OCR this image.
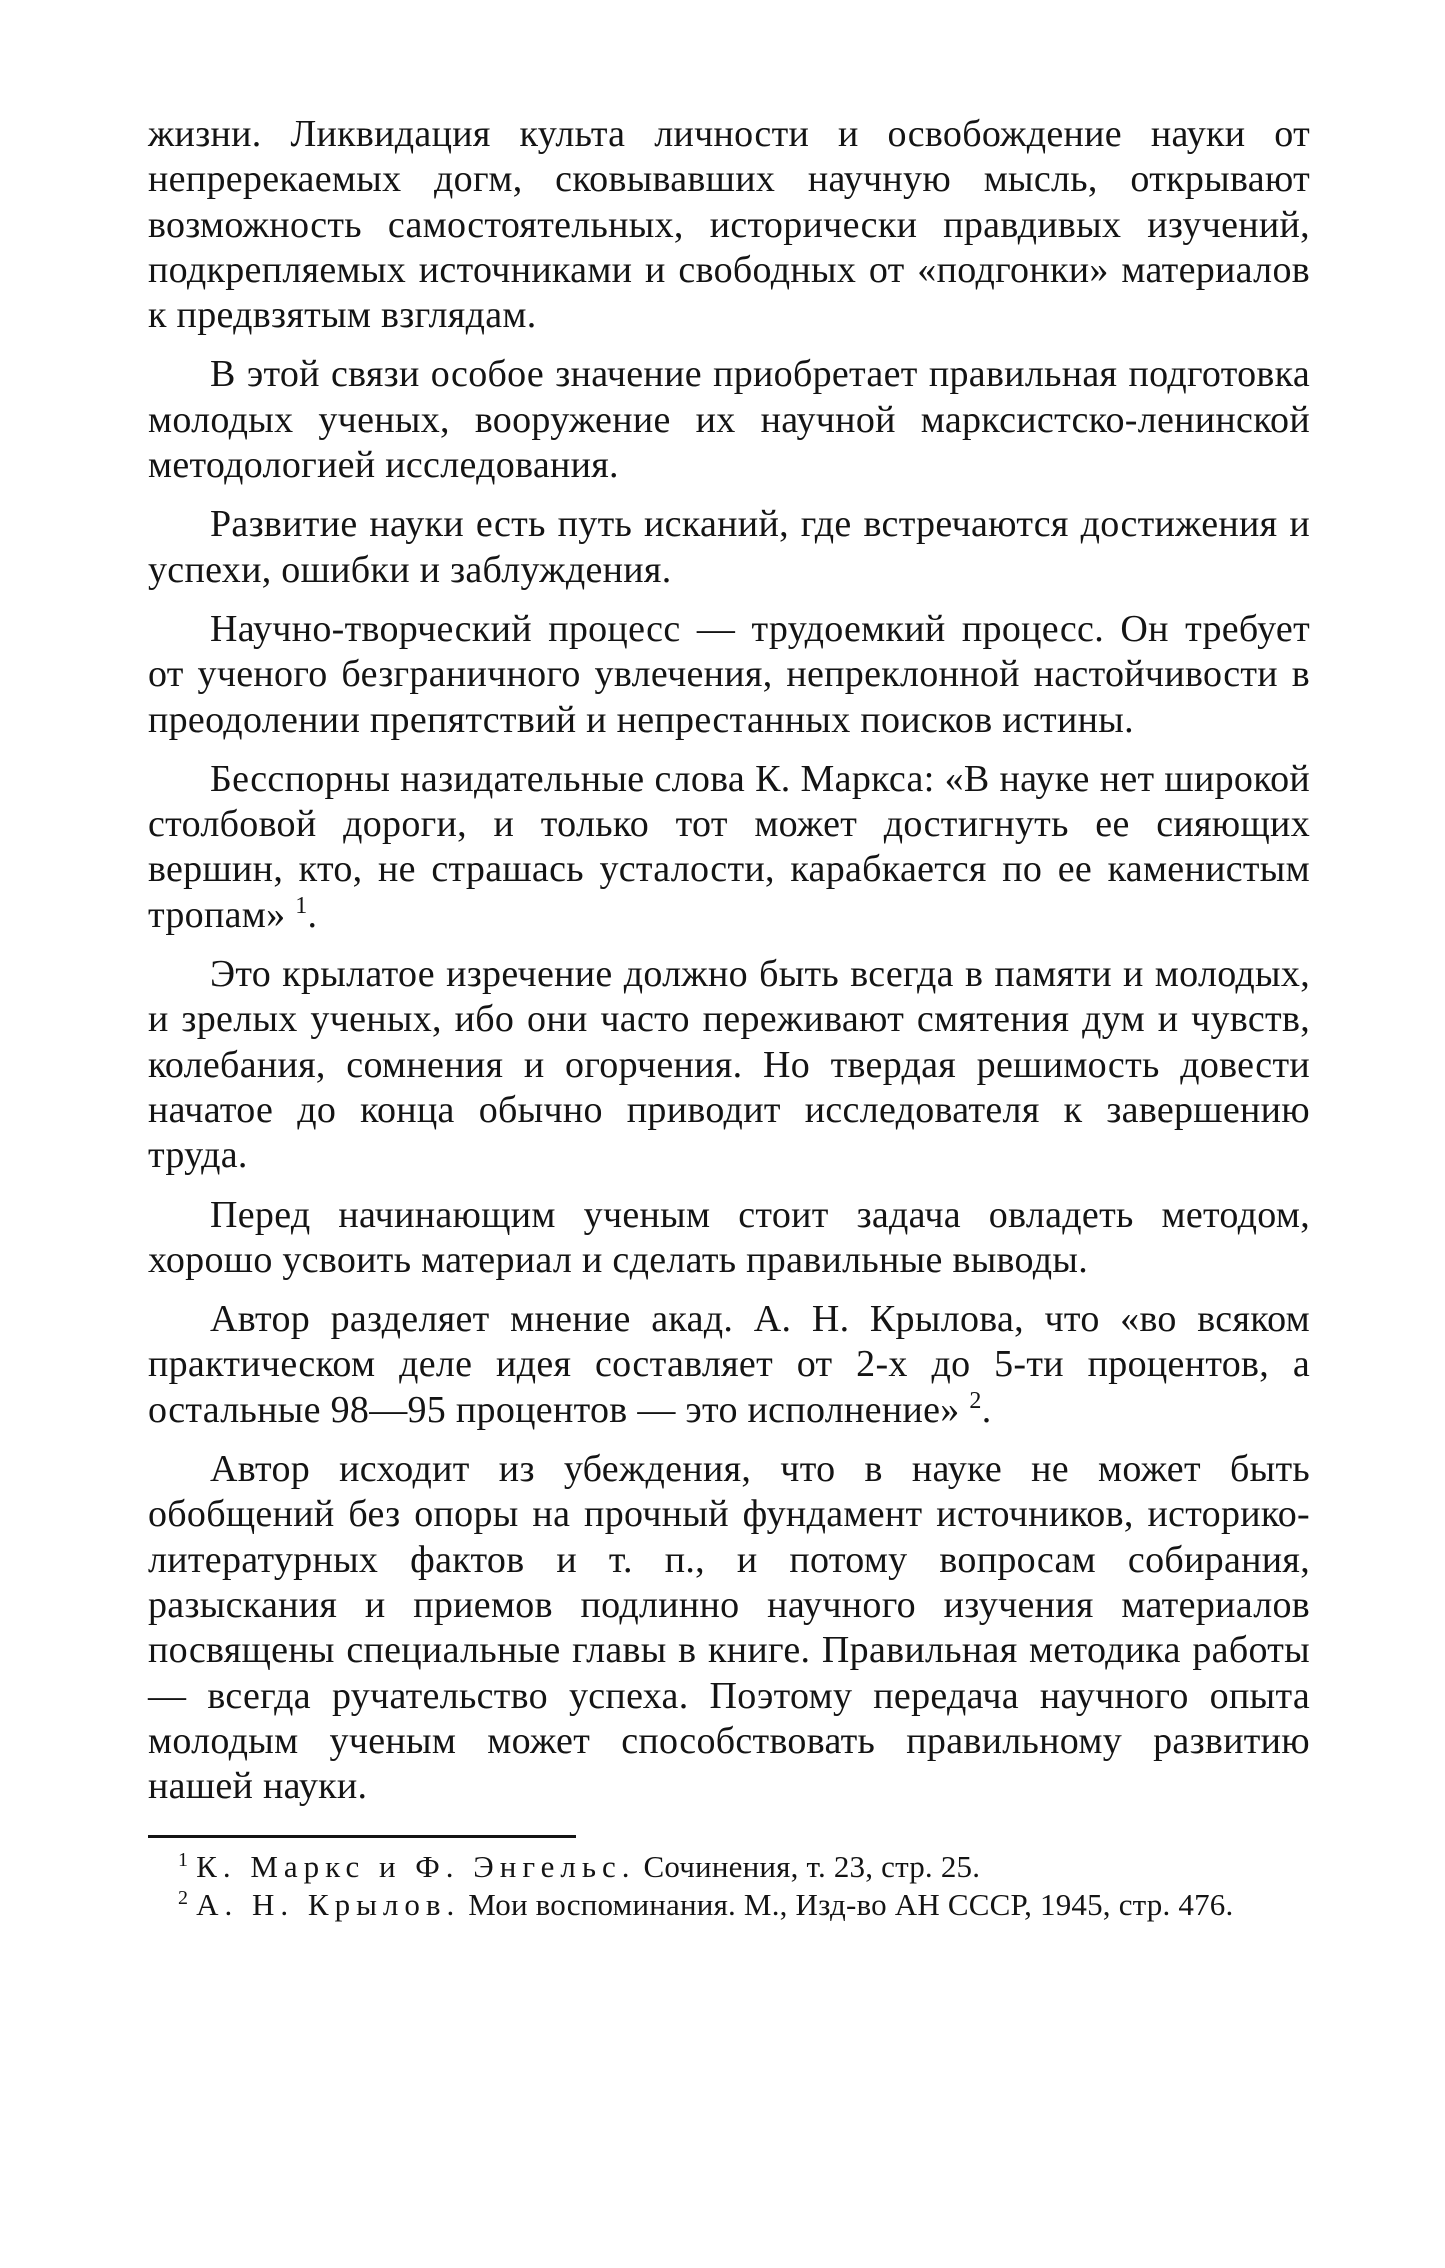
жизни. Ликвидация культа личности и освобождение науки от непререкаемых догм, сковывавших научную мысль, открывают возможность самостоятельных, исторически правдивых изучений, подкрепляемых источниками и свободных от «подгонки» материалов к предвзятым взглядам.

В этой связи особое значение приобретает правильная подготовка молодых ученых, вооружение их научной марксистско-ленинской методологией исследования.

Развитие науки есть путь исканий, где встречаются достижения и успехи, ошибки и заблуждения.

Научно-творческий процесс — трудоемкий процесс. Он требует от ученого безграничного увлечения, непреклонной настойчивости в преодолении препятствий и непрестанных поисков истины.

Бесспорны назидательные слова К. Маркса: «В науке нет широкой столбовой дороги, и только тот может достигнуть ее сияющих вершин, кто, не страшась усталости, карабкается по ее каменистым тропам» $^1$.

Это крылатое изречение должно быть всегда в памяти и молодых, и зрелых ученых, ибо они часто переживают смятения дум и чувств, колебания, сомнения и огорчения. Но твердая решимость довести начатое до конца обычно приводит исследователя к завершению труда.

Перед начинающим ученым стоит задача овладеть методом, хорошо усвоить материал и сделать правильные выводы.

Автор разделяет мнение акад. А. Н. Крылова, что «во всяком практическом деле идея составляет от 2-х до 5-ти процентов, а остальные 98—95 процентов — это исполнение» $^2$.

Автор исходит из убеждения, что в науке не может быть обобщений без опоры на прочный фундамент источников, историко-литературных фактов и т. п., и потому вопросам собирания, разыскания и приемов подлинно научного изучения материалов посвящены специальные главы в книге. Правильная методика работы — всегда ручательство успеха. Поэтому передача научного опыта молодым ученым может способствовать правильному развитию нашей науки.

$^1$ К. Маркс и Ф. Энгельс. Сочинения, т. 23, стр. 25.

$^2$ А. Н. Крылов. Мои воспоминания. М., Изд-во АН СССР, 1945, стр. 476.
